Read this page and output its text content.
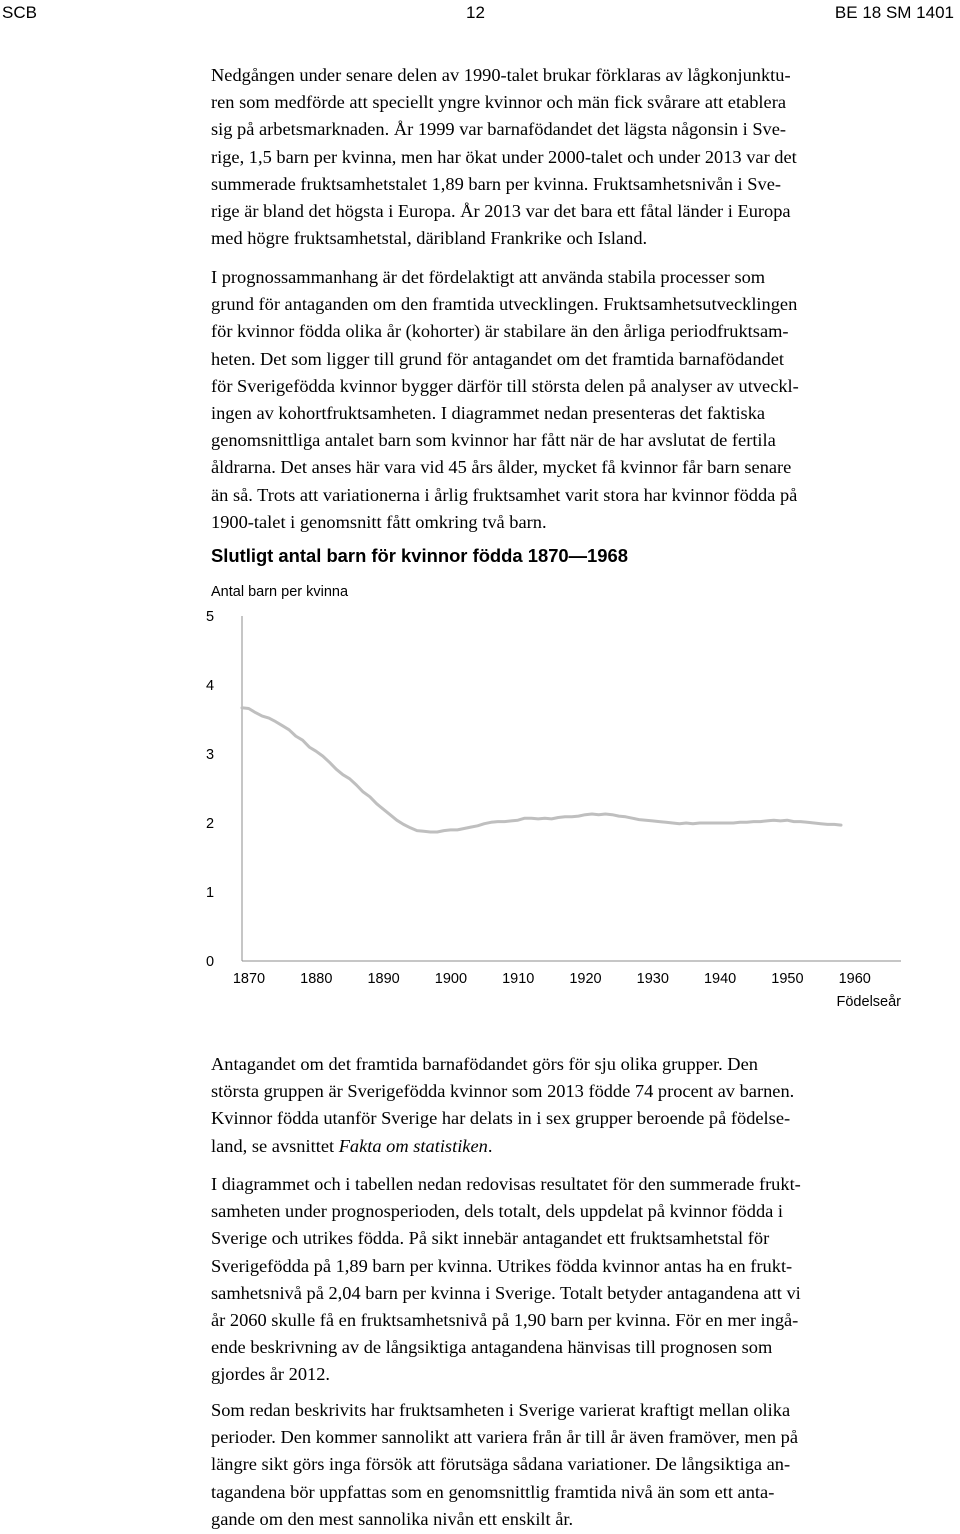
SCB	12	BE 18 SM 1401
Nedgången under senare delen av 1990-talet brukar förklaras av lågkonjunktu-
ren som medförde att speciellt yngre kvinnor och män fick svårare att etablera
sig på arbetsmarknaden. År 1999 var barnafödandet det lägsta någonsin i Sve-
rige, 1,5 barn per kvinna, men har ökat under 2000-talet och under 2013 var det
summerade fruktsamhetstalet 1,89 barn per kvinna. Fruktsamhetsnivån i Sve-
rige är bland det högsta i Europa. År 2013 var det bara ett fåtal länder i Europa
med högre fruktsamhetstal, däribland Frankrike och Island.
I prognossammanhang är det fördelaktigt att använda stabila processer som
grund för antaganden om den framtida utvecklingen. Fruktsamhetsutvecklingen
för kvinnor födda olika år (kohorter) är stabilare än den årliga periodfruktsam-
heten. Det som ligger till grund för antagandet om det framtida barnafödandet
för Sverigefödda kvinnor bygger därför till största delen på analyser av utveckl-
ingen av kohortfruktsamheten. I diagrammet nedan presenteras det faktiska
genomsnittliga antalet barn som kvinnor har fått när de har avslutat de fertila
åldrarna. Det anses här vara vid 45 års ålder, mycket få kvinnor får barn senare
än så. Trots att variationerna i årlig fruktsamhet varit stora har kvinnor födda på
1900-talet i genomsnitt fått omkring två barn.
Slutligt antal barn för kvinnor födda 1870—1968
Antal barn per kvinna
0
1
2
3
4
5
1870 1880 1890 1900 1910 1920 1930 1940 1950 1960
Födelseår
Antagandet om det framtida barnafödandet görs för sju olika grupper. Den
största gruppen är Sverigefödda kvinnor som 2013 födde 74 procent av barnen.
Kvinnor födda utanför Sverige har delats in i sex grupper beroende på födelse-
land, se avsnittet Fakta om statistiken.
I diagrammet och i tabellen nedan redovisas resultatet för den summerade frukt-
samheten under prognosperioden, dels totalt, dels uppdelat på kvinnor födda i
Sverige och utrikes födda. På sikt innebär antagandet ett fruktsamhetstal för
Sverigefödda på 1,89 barn per kvinna. Utrikes födda kvinnor antas ha en frukt-
samhetsnivå på 2,04 barn per kvinna i Sverige. Totalt betyder antagandena att vi
år 2060 skulle få en fruktsamhetsnivå på 1,90 barn per kvinna. För en mer ingå-
ende beskrivning av de långsiktiga antagandena hänvisas till prognosen som
gjordes år 2012.
Som redan beskrivits har fruktsamheten i Sverige varierat kraftigt mellan olika
perioder. Den kommer sannolikt att variera från år till år även framöver, men på
längre sikt görs inga försök att förutsäga sådana variationer. De långsiktiga an-
tagandena bör uppfattas som en genomsnittlig framtida nivå än som ett anta-
gande om den mest sannolika nivån ett enskilt år.
